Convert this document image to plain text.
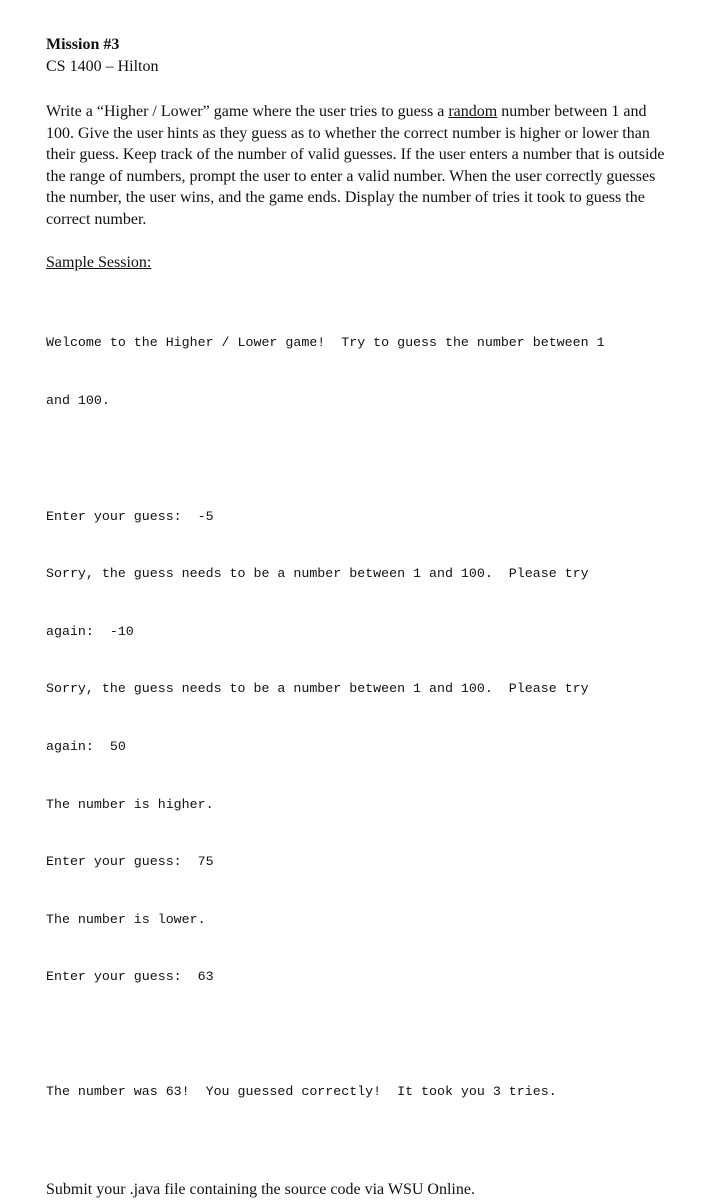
Mission #3
CS 1400 – Hilton
Write a “Higher / Lower” game where the user tries to guess a random number between 1 and 100. Give the user hints as they guess as to whether the correct number is higher or lower than their guess. Keep track of the number of valid guesses. If the user enters a number that is outside the range of numbers, prompt the user to enter a valid number. When the user correctly guesses the number, the user wins, and the game ends. Display the number of tries it took to guess the correct number.
Sample Session:

Welcome to the Higher / Lower game!  Try to guess the number between 1

and 100.

Enter your guess:  -5

Sorry, the guess needs to be a number between 1 and 100.  Please try

again:  -10

Sorry, the guess needs to be a number between 1 and 100.  Please try

again:  50

The number is higher.

Enter your guess:  75

The number is lower.

Enter your guess:  63

The number was 63!  You guessed correctly!  It took you 3 tries.

Submit your .java file containing the source code via WSU Online.
